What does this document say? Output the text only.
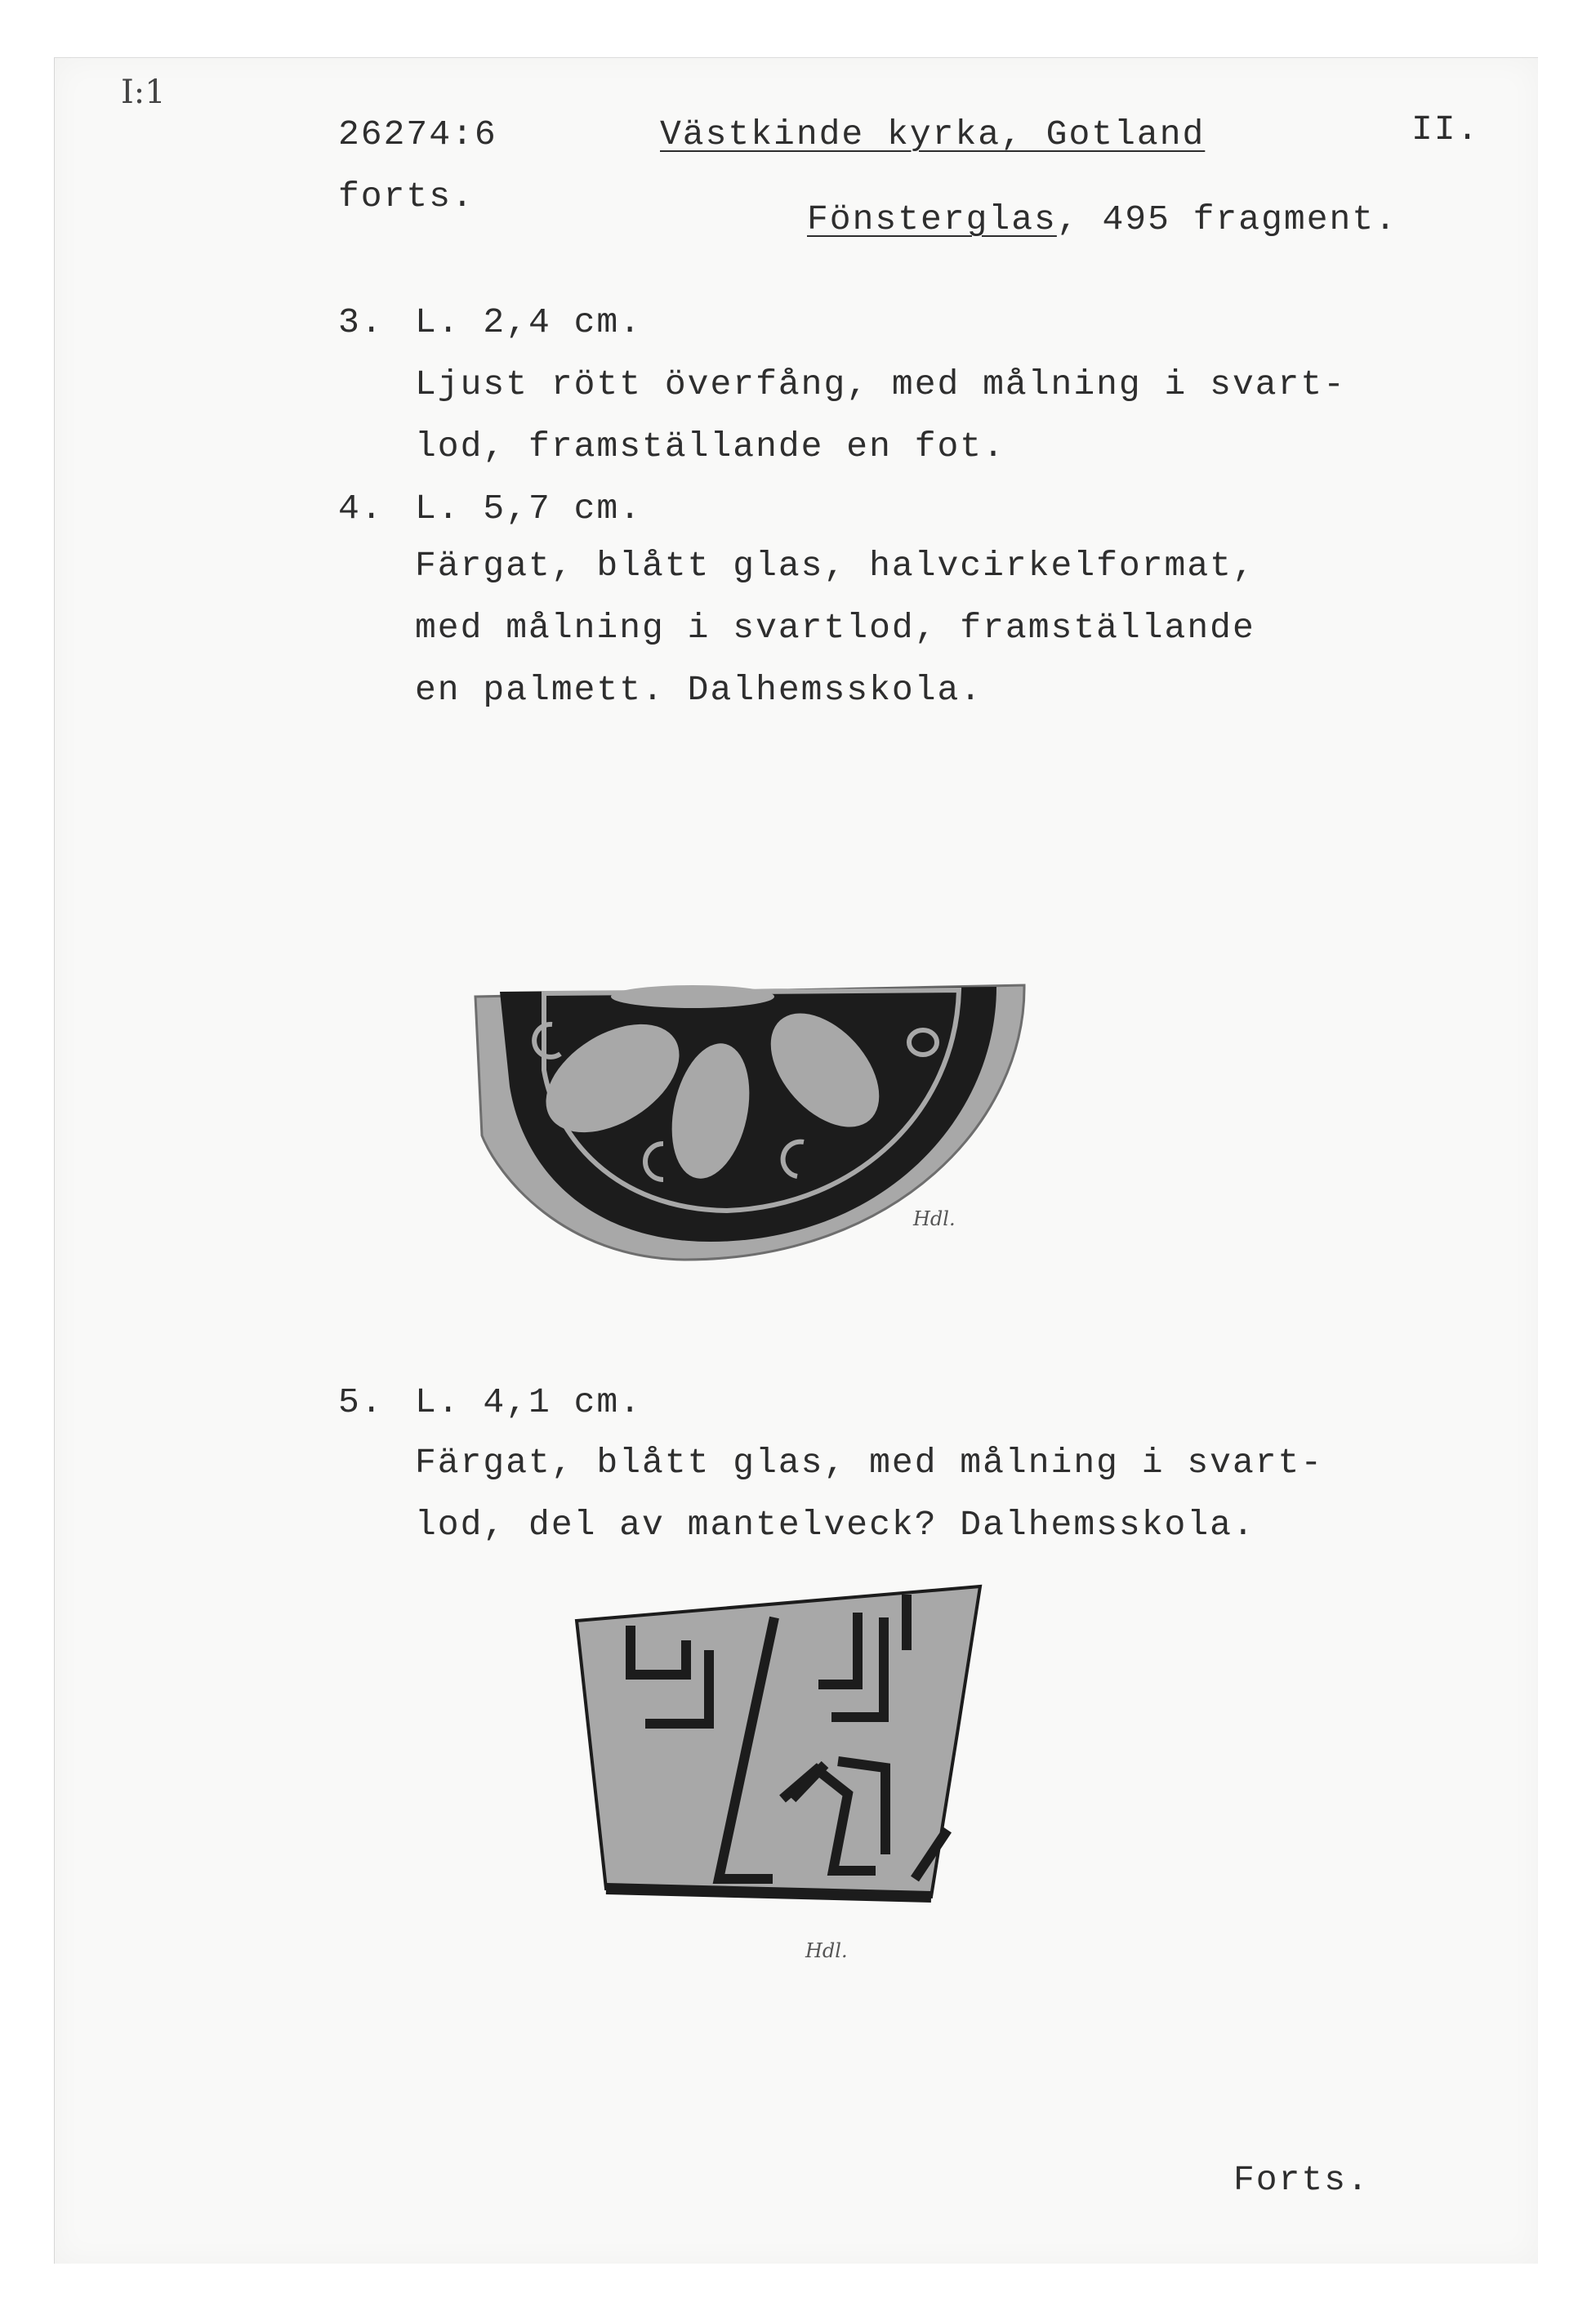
I:1
26274:6
forts.
Västkinde kyrka, Gotland	II.
Fönsterglas, 495 fragment.
3. L. 2,4 cm.
Ljust rött överfång, med målning i svart-
lod, framställande en fot.
4. L. 5,7 cm.
Färgat, blått glas, halvcirkelformat,
med målning i svartlod, framställande
en palmett. Dalhemsskola.
Hdl.
5. L. 4,1 cm.
Färgat, blått glas, med målning i svart-
lod, del av mantelveck? Dalhemsskola.
Hdl.
Forts.
